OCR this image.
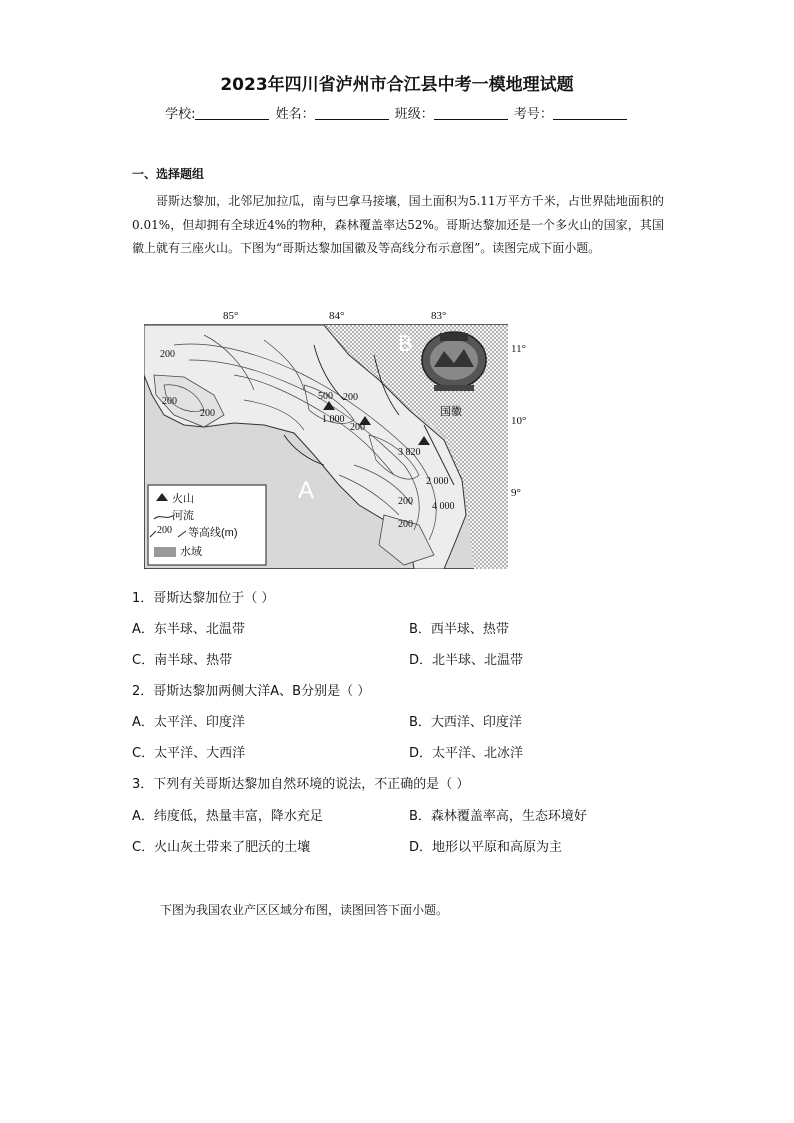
2023年四川省泸州市合江县中考一模地理试题
学校:	姓名：	班级：	考号：
一、选择题组
哥斯达黎加，北邻尼加拉瓜，南与巴拿马接壤，国土面积为5.11万平方千米，占世界陆地面积的0.01%，但却拥有全球近4%的物种，森林覆盖率达52%。哥斯达黎加还是一个多火山的国家，其国徽上就有三座火山。下图为“哥斯达黎加国徽及等高线分布示意图”。读图完成下面小题。
85°	84°	83°
11°
10°
9°
B
A
国徽
200
200
200
500 200
1 000
200
3 820
200
200
4 000
2 000
火山
河流
200 等高线(m)
水域
1．哥斯达黎加位于（ ）
A．东半球、北温带	B．西半球、热带
C．南半球、热带	D．北半球、北温带
2．哥斯达黎加两侧大洋A、B分别是（ ）
A．太平洋、印度洋	B．大西洋、印度洋
C．太平洋、大西洋	D．太平洋、北冰洋
3．下列有关哥斯达黎加自然环境的说法，不正确的是（ ）
A．纬度低，热量丰富，降水充足	B．森林覆盖率高，生态环境好
C．火山灰土带来了肥沃的土壤	D．地形以平原和高原为主
下图为我国农业产区区域分布图，读图回答下面小题。
